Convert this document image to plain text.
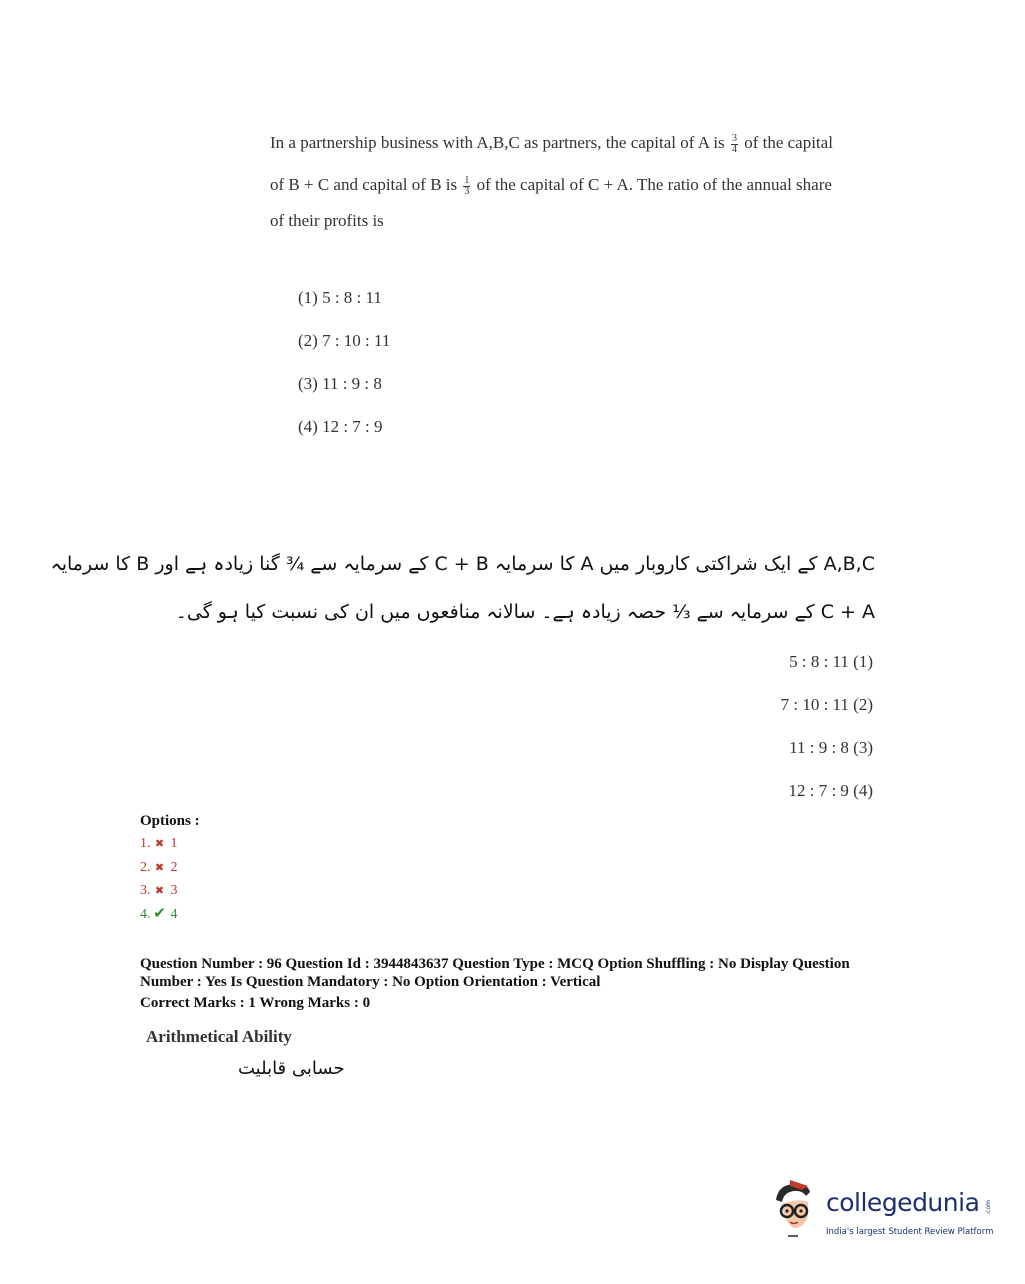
In a partnership business with A,B,C as partners, the capital of A is $\frac{3}{4}$ of the capital
of B + C and capital of B is $\frac{1}{3}$ of the capital of C + A. The ratio of the annual share
of their profits is
(1) 5 : 8 : 11
(2) 7 : 10 : 11
(3) 11 : 9 : 8
(4) 12 : 7 : 9
A,B,C کے ایک شراکتی کاروبار میں A کا سرمایہ C + B کے سرمایہ سے ¾ گنا زیادہ ہے اور B کا سرمایہ
C + A کے سرمایہ سے ⅓ حصہ زیادہ ہے۔ سالانہ منافعوں میں ان کی نسبت کیا ہو گی۔
5 : 8 : 11 (1)
7 : 10 : 11 (2)
11 : 9 : 8 (3)
12 : 7 : 9 (4)
Options :
1. ✖ 1
2. ✖ 2
3. ✖ 3
4. ✔ 4
Question Number : 96 Question Id : 3944843637 Question Type : MCQ Option Shuffling : No Display Question
Number : Yes Is Question Mandatory : No Option Orientation : Vertical
Correct Marks : 1 Wrong Marks : 0
Arithmetical Ability
حسابی قابلیت
collegedunia .com
India's largest Student Review Platform
